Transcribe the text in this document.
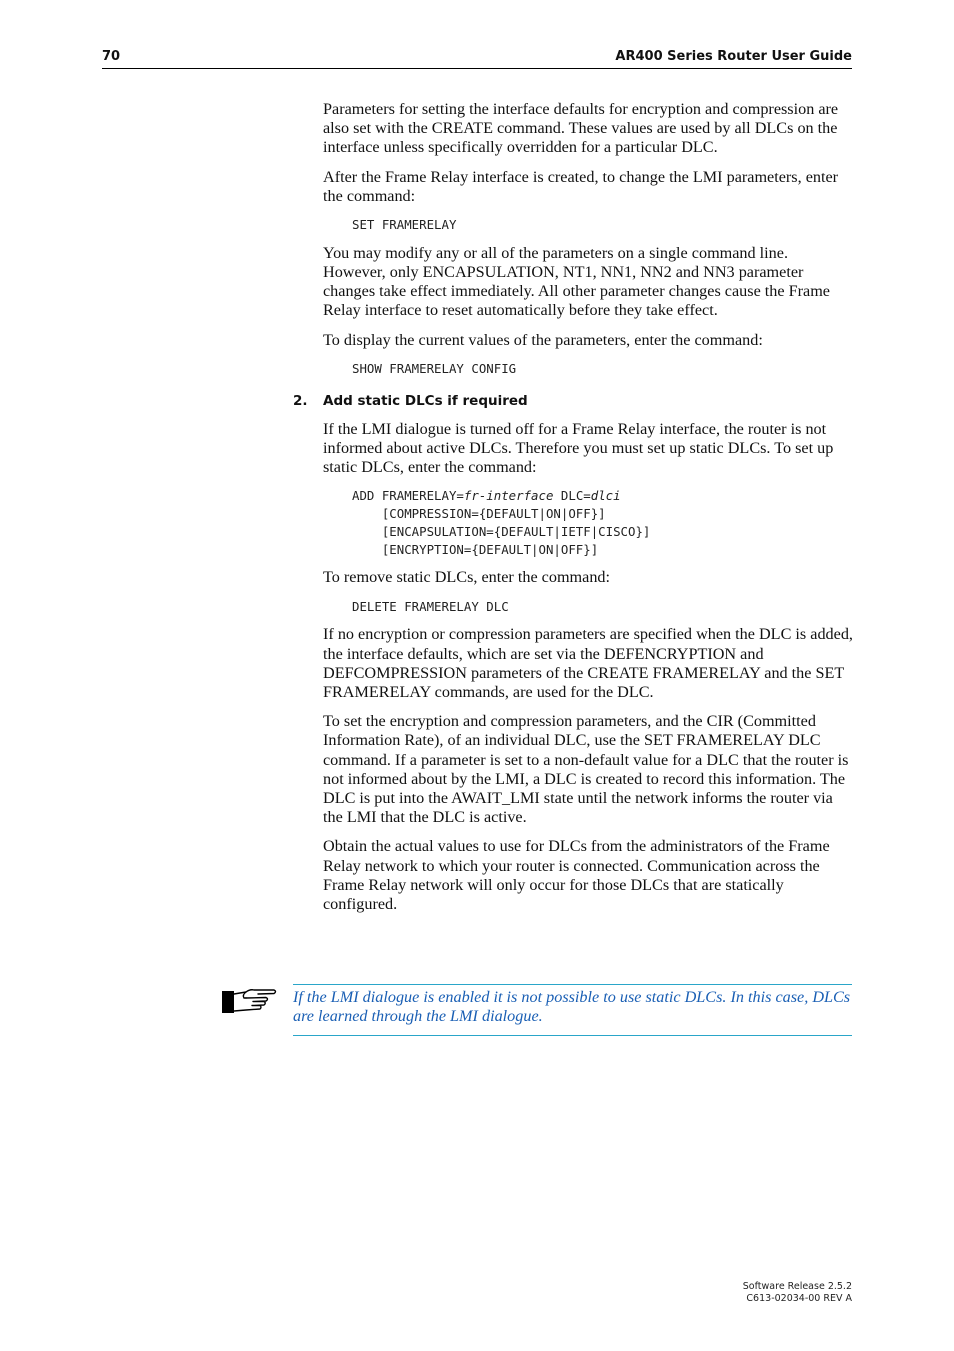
70	AR400 Series Router User Guide

Parameters for setting the interface defaults for encryption and compression are also set with the CREATE command. These values are used by all DLCs on the interface unless specifically overridden for a particular DLC.

After the Frame Relay interface is created, to change the LMI parameters, enter the command:

SET FRAMERELAY

You may modify any or all of the parameters on a single command line. However, only ENCAPSULATION, NT1, NN1, NN2 and NN3 parameter changes take effect immediately. All other parameter changes cause the Frame Relay interface to reset automatically before they take effect.

To display the current values of the parameters, enter the command:

SHOW FRAMERELAY CONFIG
2. Add static DLCs if required

If the LMI dialogue is turned off for a Frame Relay interface, the router is not informed about active DLCs. Therefore you must set up static DLCs. To set up static DLCs, enter the command:

ADD FRAMERELAY=fr-interface DLC=dlci
[COMPRESSION={DEFAULT|ON|OFF}]
[ENCAPSULATION={DEFAULT|IETF|CISCO}]
[ENCRYPTION={DEFAULT|ON|OFF}]

To remove static DLCs, enter the command:

DELETE FRAMERELAY DLC

If no encryption or compression parameters are specified when the DLC is added, the interface defaults, which are set via the DEFENCRYPTION and DEFCOMPRESSION parameters of the CREATE FRAMERELAY and the SET FRAMERELAY commands, are used for the DLC.

To set the encryption and compression parameters, and the CIR (Committed Information Rate), of an individual DLC, use the SET FRAMERELAY DLC command. If a parameter is set to a non-default value for a DLC that the router is not informed about by the LMI, a DLC is created to record this information. The DLC is put into the AWAIT_LMI state until the network informs the router via the LMI that the DLC is active.

Obtain the actual values to use for DLCs from the administrators of the Frame Relay network to which your router is connected. Communication across the Frame Relay network will only occur for those DLCs that are statically configured.

If the LMI dialogue is enabled it is not possible to use static DLCs. In this case, DLCs are learned through the LMI dialogue.
Software Release 2.5.2
C613-02034-00 REV A
